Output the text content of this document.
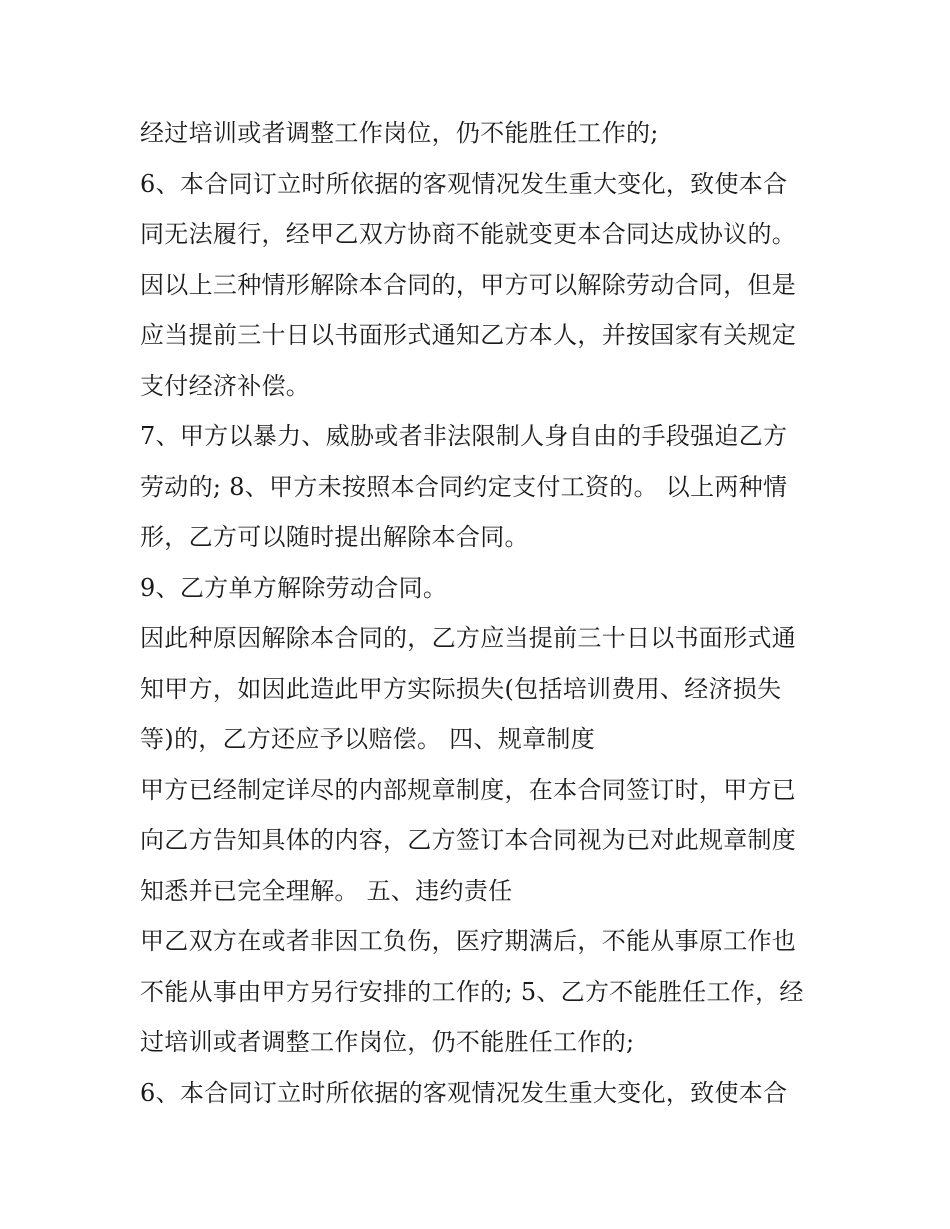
经过培训或者调整工作岗位，仍不能胜任工作的;
6、本合同订立时所依据的客观情况发生重大变化，致使本合
同无法履行，经甲乙双方协商不能就变更本合同达成协议的。
因以上三种情形解除本合同的，甲方可以解除劳动合同，但是
应当提前三十日以书面形式通知乙方本人，并按国家有关规定
支付经济补偿。
7、甲方以暴力、威胁或者非法限制人身自由的手段强迫乙方
劳动的; 8、甲方未按照本合同约定支付工资的。 以上两种情
形，乙方可以随时提出解除本合同。
9、乙方单方解除劳动合同。
因此种原因解除本合同的，乙方应当提前三十日以书面形式通
知甲方，如因此造此甲方实际损失(包括培训费用、经济损失
等)的，乙方还应予以赔偿。 四、规章制度
甲方已经制定详尽的内部规章制度，在本合同签订时，甲方已
向乙方告知具体的内容，乙方签订本合同视为已对此规章制度
知悉并已完全理解。 五、违约责任
甲乙双方在或者非因工负伤，医疗期满后，不能从事原工作也
不能从事由甲方另行安排的工作的; 5、乙方不能胜任工作，经
过培训或者调整工作岗位，仍不能胜任工作的;
6、本合同订立时所依据的客观情况发生重大变化，致使本合
